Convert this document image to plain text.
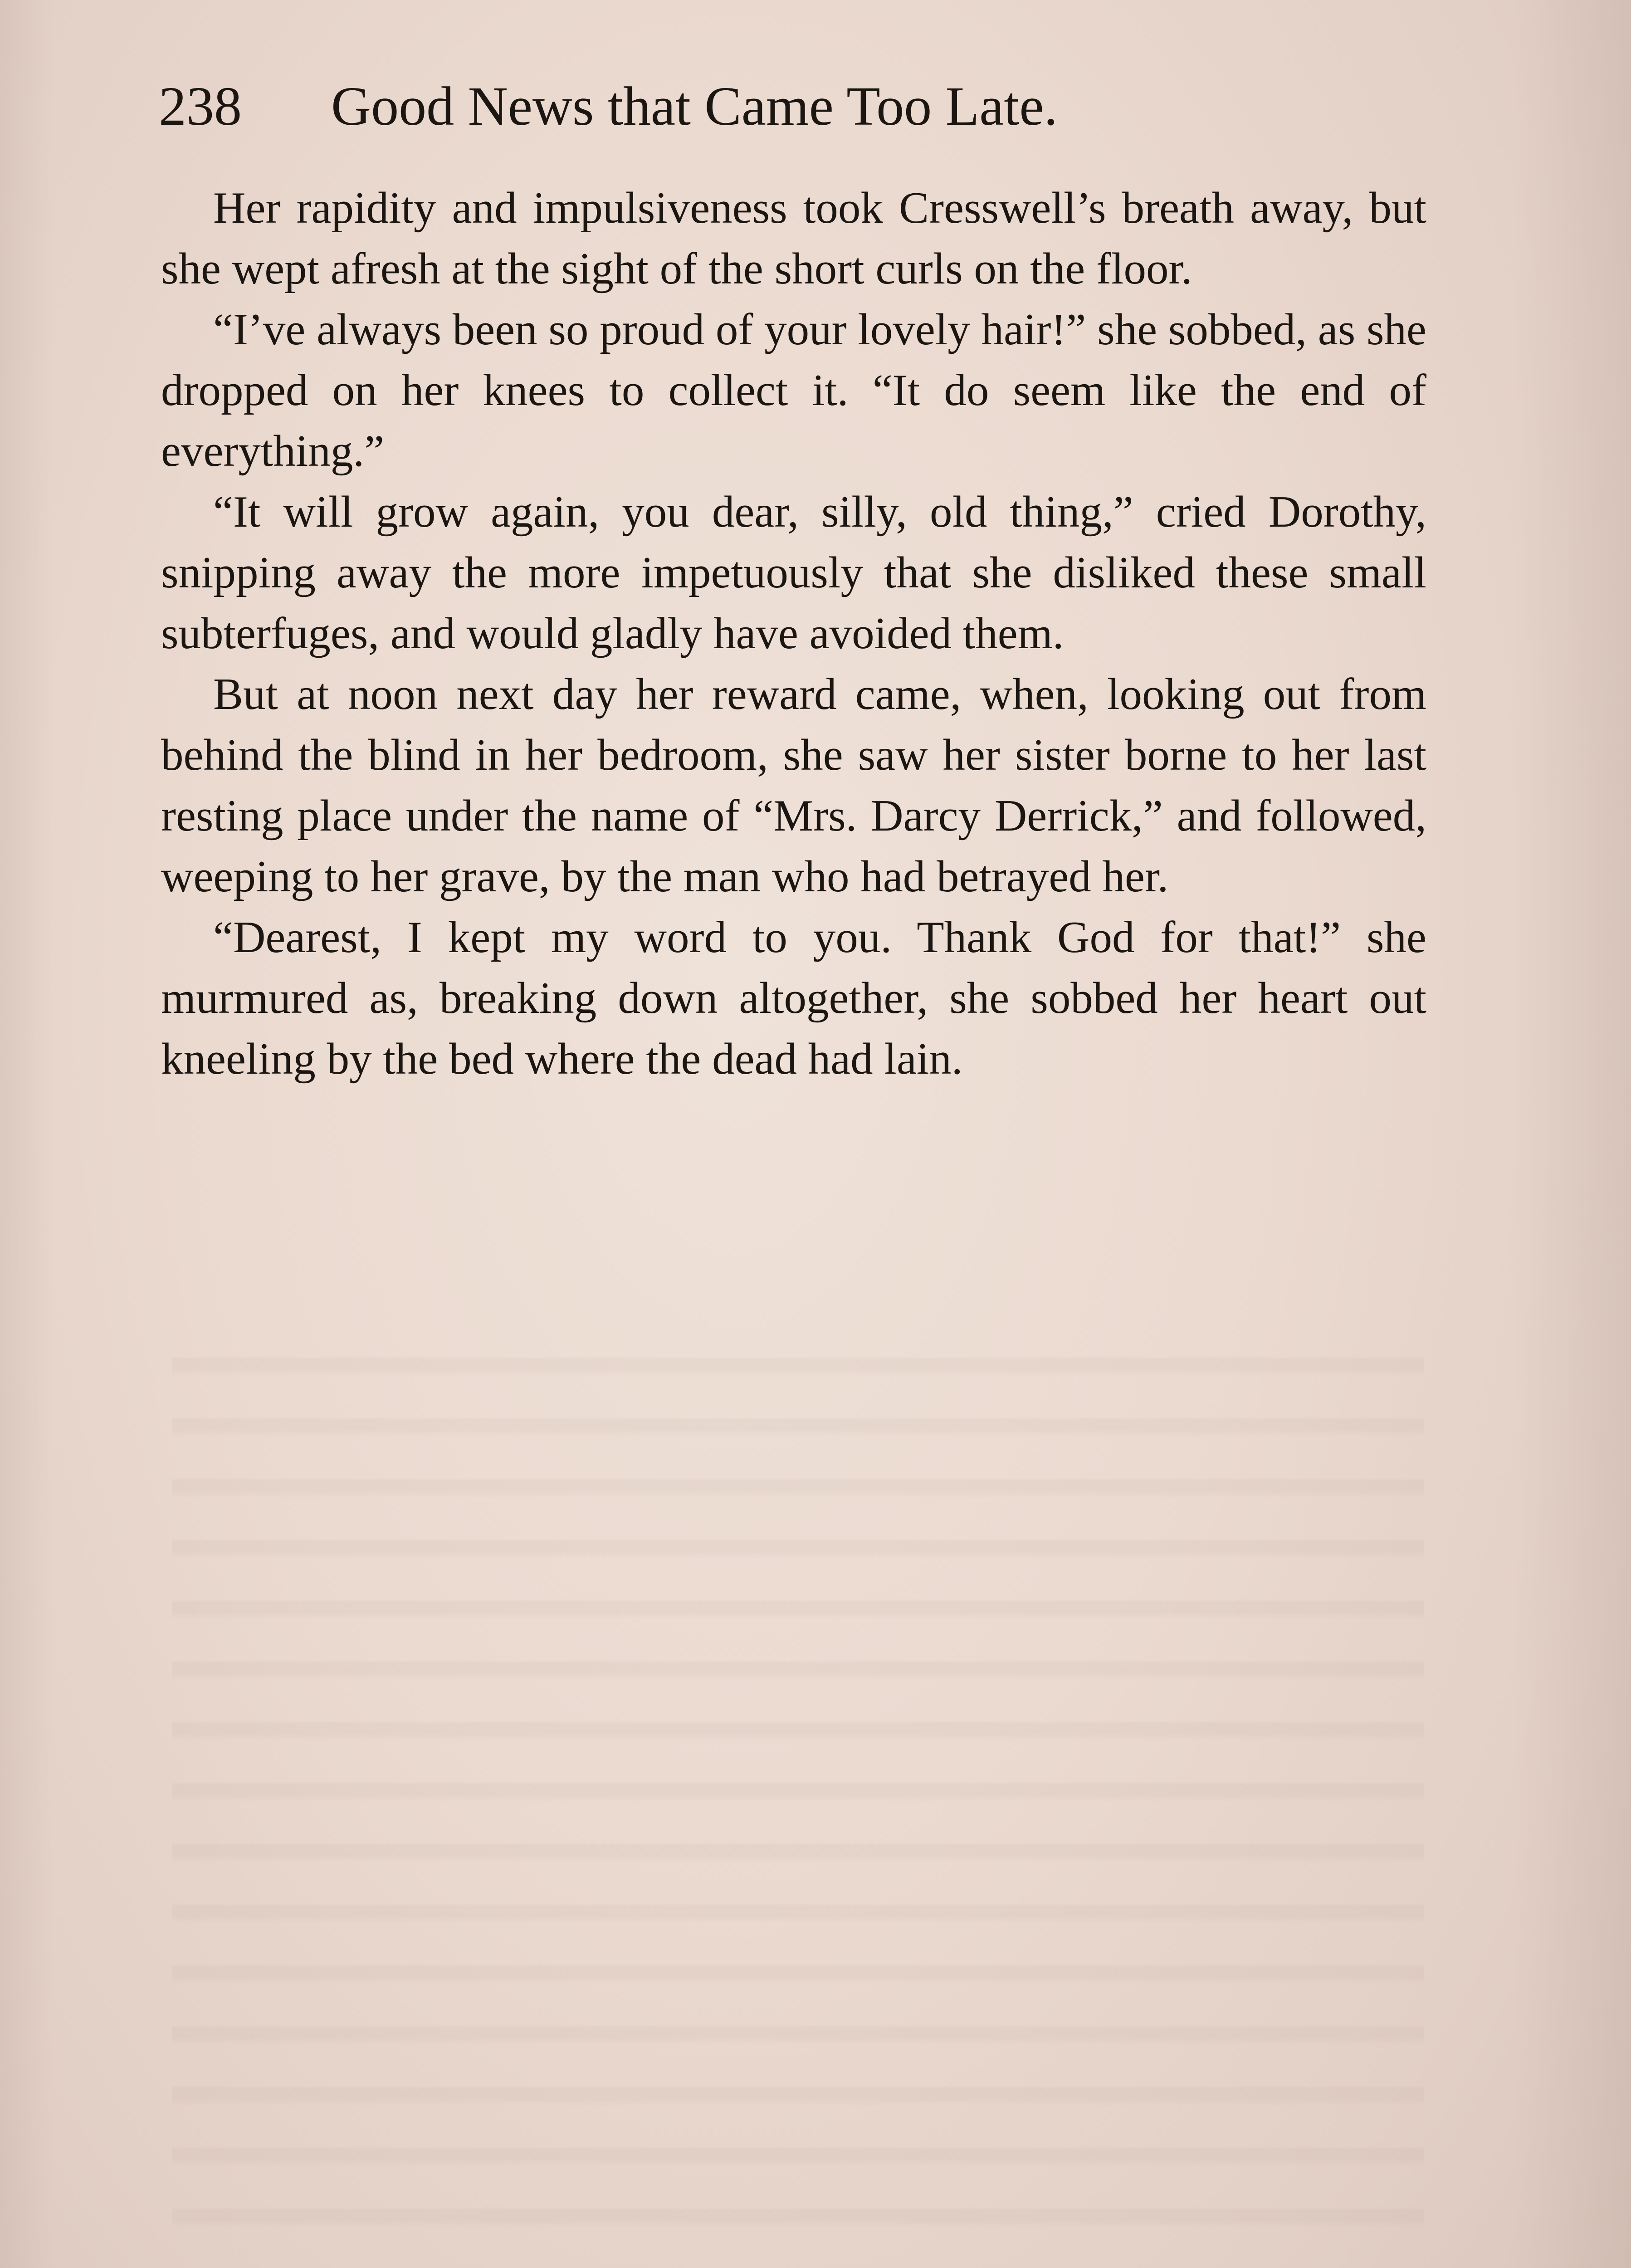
238 Good News that Came Too Late.

Her rapidity and impulsiveness took Cresswell’s breath away, but she wept afresh at the sight of the short curls on the floor.

“I’ve always been so proud of your lovely hair!” she sobbed, as she dropped on her knees to collect it. “It do seem like the end of everything.”

“It will grow again, you dear, silly, old thing,” cried Dorothy, snipping away the more impetuously that she disliked these small subterfuges, and would gladly have avoided them.

But at noon next day her reward came, when, looking out from behind the blind in her bedroom, she saw her sister borne to her last resting place under the name of “Mrs. Darcy Derrick,” and followed, weeping to her grave, by the man who had betrayed her.

“Dearest, I kept my word to you. Thank God for that!” she murmured as, breaking down altogether, she sobbed her heart out kneeling by the bed where the dead had lain.
